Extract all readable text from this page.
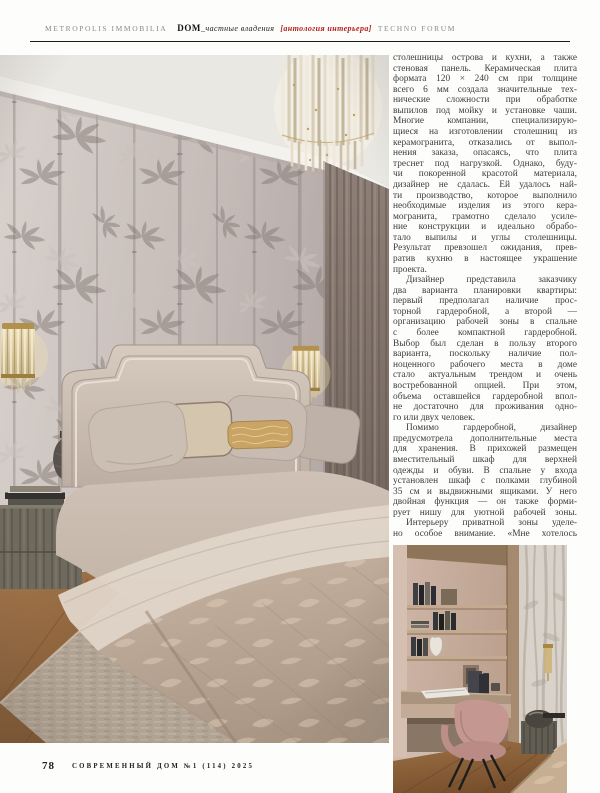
METROPOLIS IMMOBILIA DOM_частные владения [антология интерьера] TECHNO FORUM
столешницы острова и кухни, а также
стеновая панель. Керамическая плита
формата 120 × 240 см при толщине
всего 6 мм создала значительные тех-
нические сложности при обработке
выпилов под мойку и установке чаши.
Многие компании, специализирую-
щиеся на изготовлении столешниц из
керамогранита, отказались от выпол-
нения заказа, опасаясь, что плита
треснет под нагрузкой. Однако, буду-
чи покоренной красотой материала,
дизайнер не сдалась. Ей удалось най-
ти производство, которое выполнило
необходимые изделия из этого кера-
могранита, грамотно сделало усиле-
ние конструкции и идеально обрабо-
тало выпилы и углы столешницы.
Результат превзошел ожидания, прев-
ратив кухню в настоящее украшение
проекта.
Дизайнер представила заказчику
два варианта планировки квартиры:
первый предполагал наличие прос-
торной гардеробной, а второй —
организацию рабочей зоны в спальне
с более компактной гардеробной.
Выбор был сделан в пользу второго
варианта, поскольку наличие пол-
ноценного рабочего места в доме
стало актуальным трендом и очень
востребованной опцией. При этом,
объема оставшейся гардеробной впол-
не достаточно для проживания одно-
го или двух человек.
Помимо гардеробной, дизайнер
предусмотрела дополнительные места
для хранения. В прихожей размещен
вместительный шкаф для верхней
одежды и обуви. В спальне у входа
установлен шкаф с полками глубиной
35 см и выдвижными ящиками. У него
двойная функция — он также форми-
рует нишу для уютной рабочей зоны.
Интерьеру приватной зоны уделе-
но особое внимание. «Мне хотелось
78	СОВРЕМЕННЫЙ ДОМ №1 (114) 2025
